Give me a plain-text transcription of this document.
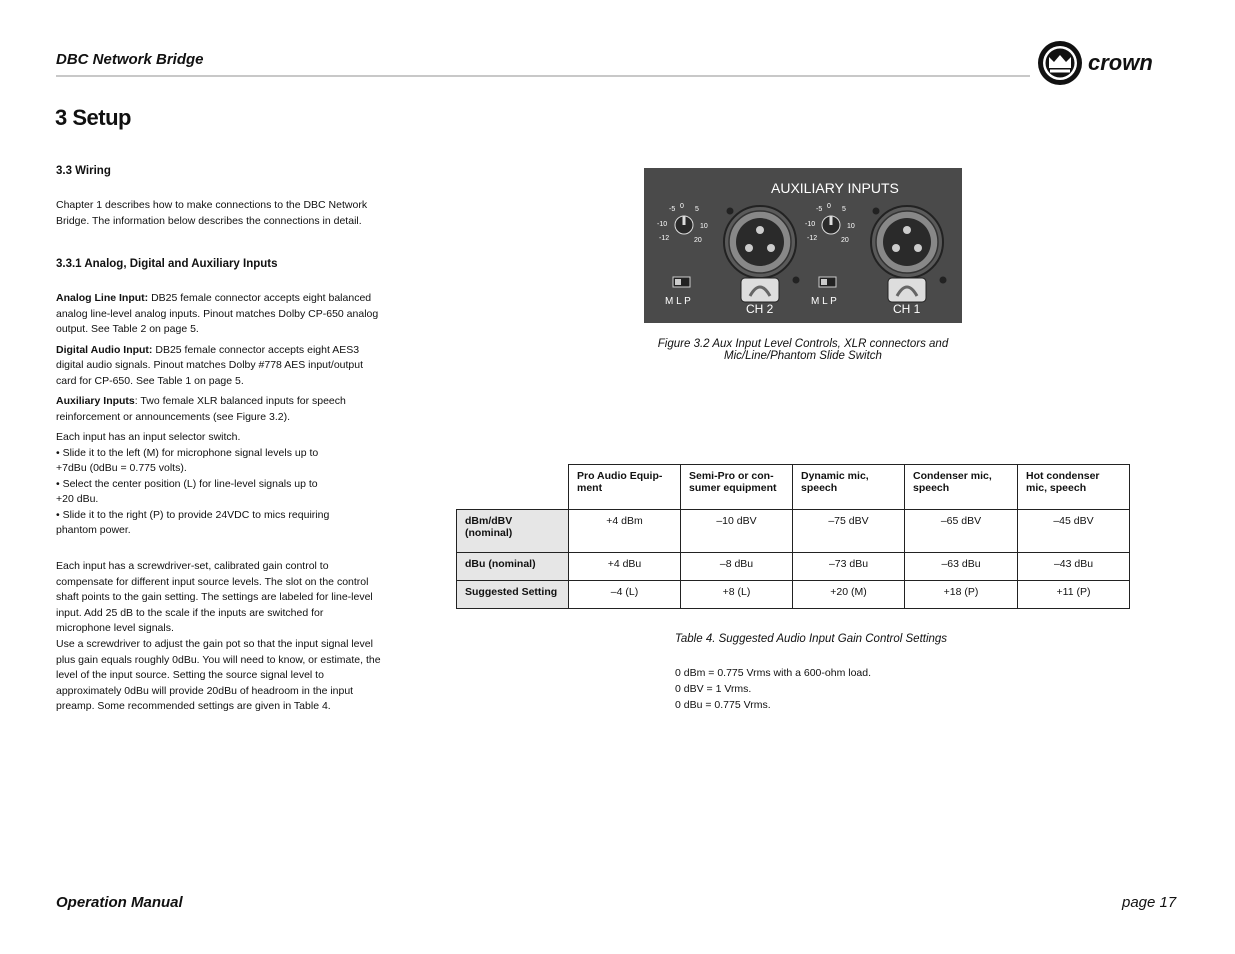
DBC Network Bridge	crown
3 Setup
3.3 Wiring
Chapter 1 describes how to make connections to the DBC Network Bridge. The information below describes the connections in detail.
3.3.1 Analog, Digital and Auxiliary Inputs

Analog Line Input: DB25 female connector accepts eight balanced analog line-level analog inputs. Pinout matches Dolby CP-650 analog output. See Table 2 on page 5.

Digital Audio Input: DB25 female connector accepts eight AES3 digital audio signals. Pinout matches Dolby #778 AES input/output card for CP-650. See Table 1 on page 5.

Auxiliary Inputs: Two female XLR balanced inputs for speech reinforcement or announcements (see Figure 3.2).

Each input has an input selector switch.
• Slide it to the left (M) for microphone signal levels up to +7dBu (0dBu = 0.775 volts).
• Select the center position (L) for line-level signals up to +20 dBu.
• Slide it to the right (P) to provide 24VDC to mics requiring phantom power.
Each input has a screwdriver-set, calibrated gain control to compensate for different input source levels. The slot on the control shaft points to the gain setting. The settings are labeled for line-level input. Add 25 dB to the scale if the inputs are switched for microphone level signals.
Use a screwdriver to adjust the gain pot so that the input signal level plus gain equals roughly 0dBu. You will need to know, or estimate, the level of the input source. Setting the source signal level to approximately 0dBu will provide 20dBu of headroom in the input preamp. Some recommended settings are given in Table 4.
AUXILIARY INPUTS
-5 0 5
-10	10
-12	20
-5 0 5
-10	10
-12	20
M L P	M L P
CH 2	CH 1
Figure 3.2 Aux Input Level Controls, XLR connectors and
Mic/Line/Phantom Slide Switch
	Pro Audio Equip-ment	Semi-Pro or con-sumer equipment	Dynamic mic, speech	Condenser mic, speech	Hot condenser mic, speech
dBm/dBV (nominal)	+4 dBm	–10 dBV	–75 dBV	–65 dBV	–45 dBV
dBu (nominal)	+4 dBu	–8 dBu	–73 dBu	–63 dBu	–43 dBu
Suggested Setting	–4 (L)	+8 (L)	+20 (M)	+18 (P)	+11 (P)
Table 4. Suggested Audio Input Gain Control Settings
0 dBm = 0.775 Vrms with a 600-ohm load.
0 dBV = 1 Vrms.
0 dBu = 0.775 Vrms.
Operation Manual	page 17
